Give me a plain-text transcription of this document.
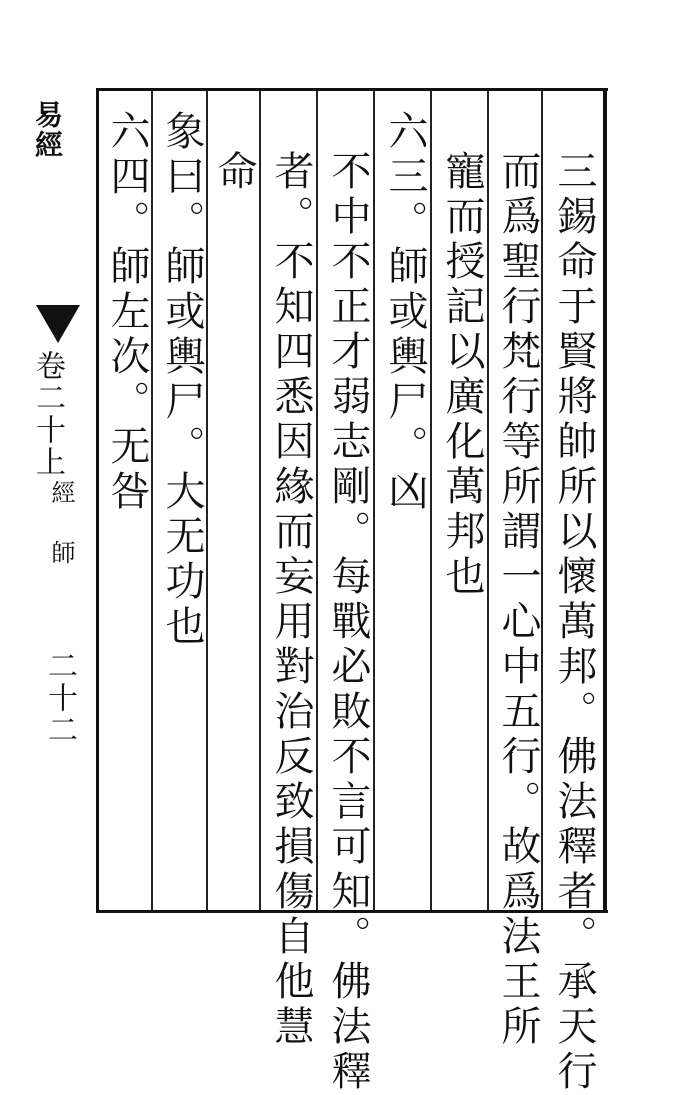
三錫命于賢將帥所以懷萬邦。佛法釋者。承天行
而爲聖行梵行等所謂一心中五行。故爲法王所
寵而授記以廣化萬邦也
六三。師或輿尸。凶
不中不正才弱志剛。每戰必敗不言可知。佛法釋
者。不知四悉因緣而妄用對治反致損傷自他慧
命
象曰。師或輿尸。大无功也
六四。師左次。无咎
易經
卷二十上
經　師
二十二
